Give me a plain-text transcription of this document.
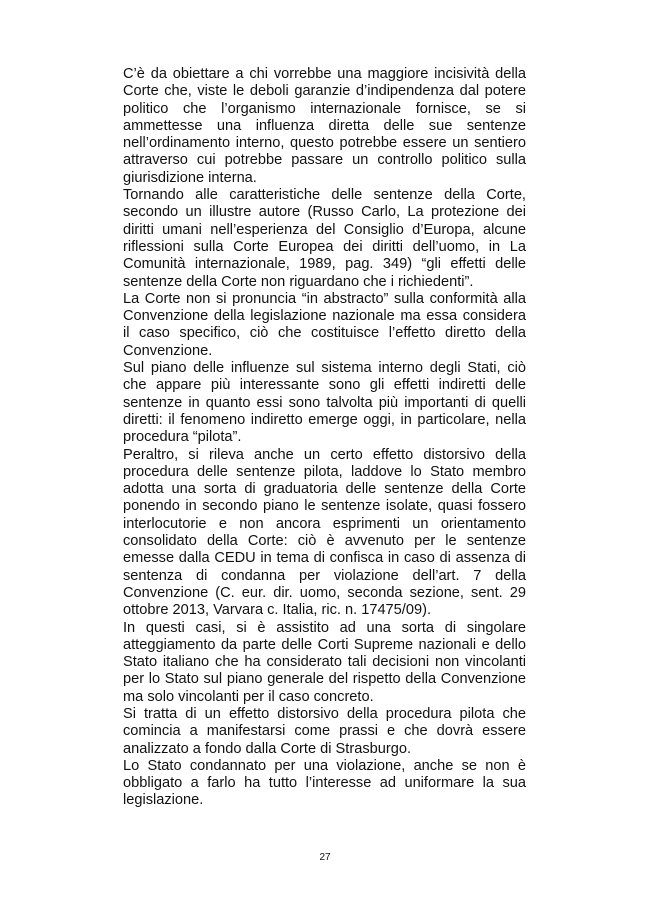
C’è da obiettare a chi vorrebbe una maggiore incisività della Corte che, viste le deboli garanzie d’indipendenza dal potere politico che l’organismo internazionale fornisce, se si ammettesse una influenza diretta delle sue sentenze nell’ordinamento interno, questo potrebbe essere un sentiero attraverso cui potrebbe passare un controllo politico sulla giurisdizione interna.

Tornando alle caratteristiche delle sentenze della Corte, secondo un illustre autore (Russo Carlo, La protezione dei diritti umani nell’esperienza del Consiglio d’Europa, alcune riflessioni sulla Corte Europea dei diritti dell’uomo, in La Comunità internazionale, 1989, pag. 349) “gli effetti delle sentenze della Corte non riguardano che i richiedenti”.

La Corte non si pronuncia “in abstracto” sulla conformità alla Convenzione della legislazione nazionale ma essa considera il caso specifico, ciò che costituisce l’effetto diretto della Convenzione.

Sul piano delle influenze sul sistema interno degli Stati, ciò che appare più interessante sono gli effetti indiretti delle sentenze in quanto essi sono talvolta più importanti di quelli diretti: il fenomeno indiretto emerge oggi, in particolare, nella procedura “pilota”.

Peraltro, si rileva anche un certo effetto distorsivo della procedura delle sentenze pilota, laddove lo Stato membro adotta una sorta di graduatoria delle sentenze della Corte ponendo in secondo piano le sentenze isolate, quasi fossero interlocutorie e non ancora esprimenti un orientamento consolidato della Corte: ciò è avvenuto per le sentenze emesse dalla CEDU in tema di confisca in caso di assenza di sentenza di condanna per violazione dell’art. 7 della Convenzione (C. eur. dir. uomo, seconda sezione, sent. 29 ottobre 2013, Varvara c. Italia, ric. n. 17475/09).

In questi casi, si è assistito ad una sorta di singolare atteggiamento da parte delle Corti Supreme nazionali e dello Stato italiano che ha considerato tali decisioni non vincolanti per lo Stato sul piano generale del rispetto della Convenzione ma solo vincolanti per il caso concreto.

Si tratta di un effetto distorsivo della procedura pilota che comincia a manifestarsi come prassi e che dovrà essere analizzato a fondo dalla Corte di Strasburgo.

Lo Stato condannato per una violazione, anche se non è obbligato a farlo ha tutto l’interesse ad uniformare la sua legislazione.

27
